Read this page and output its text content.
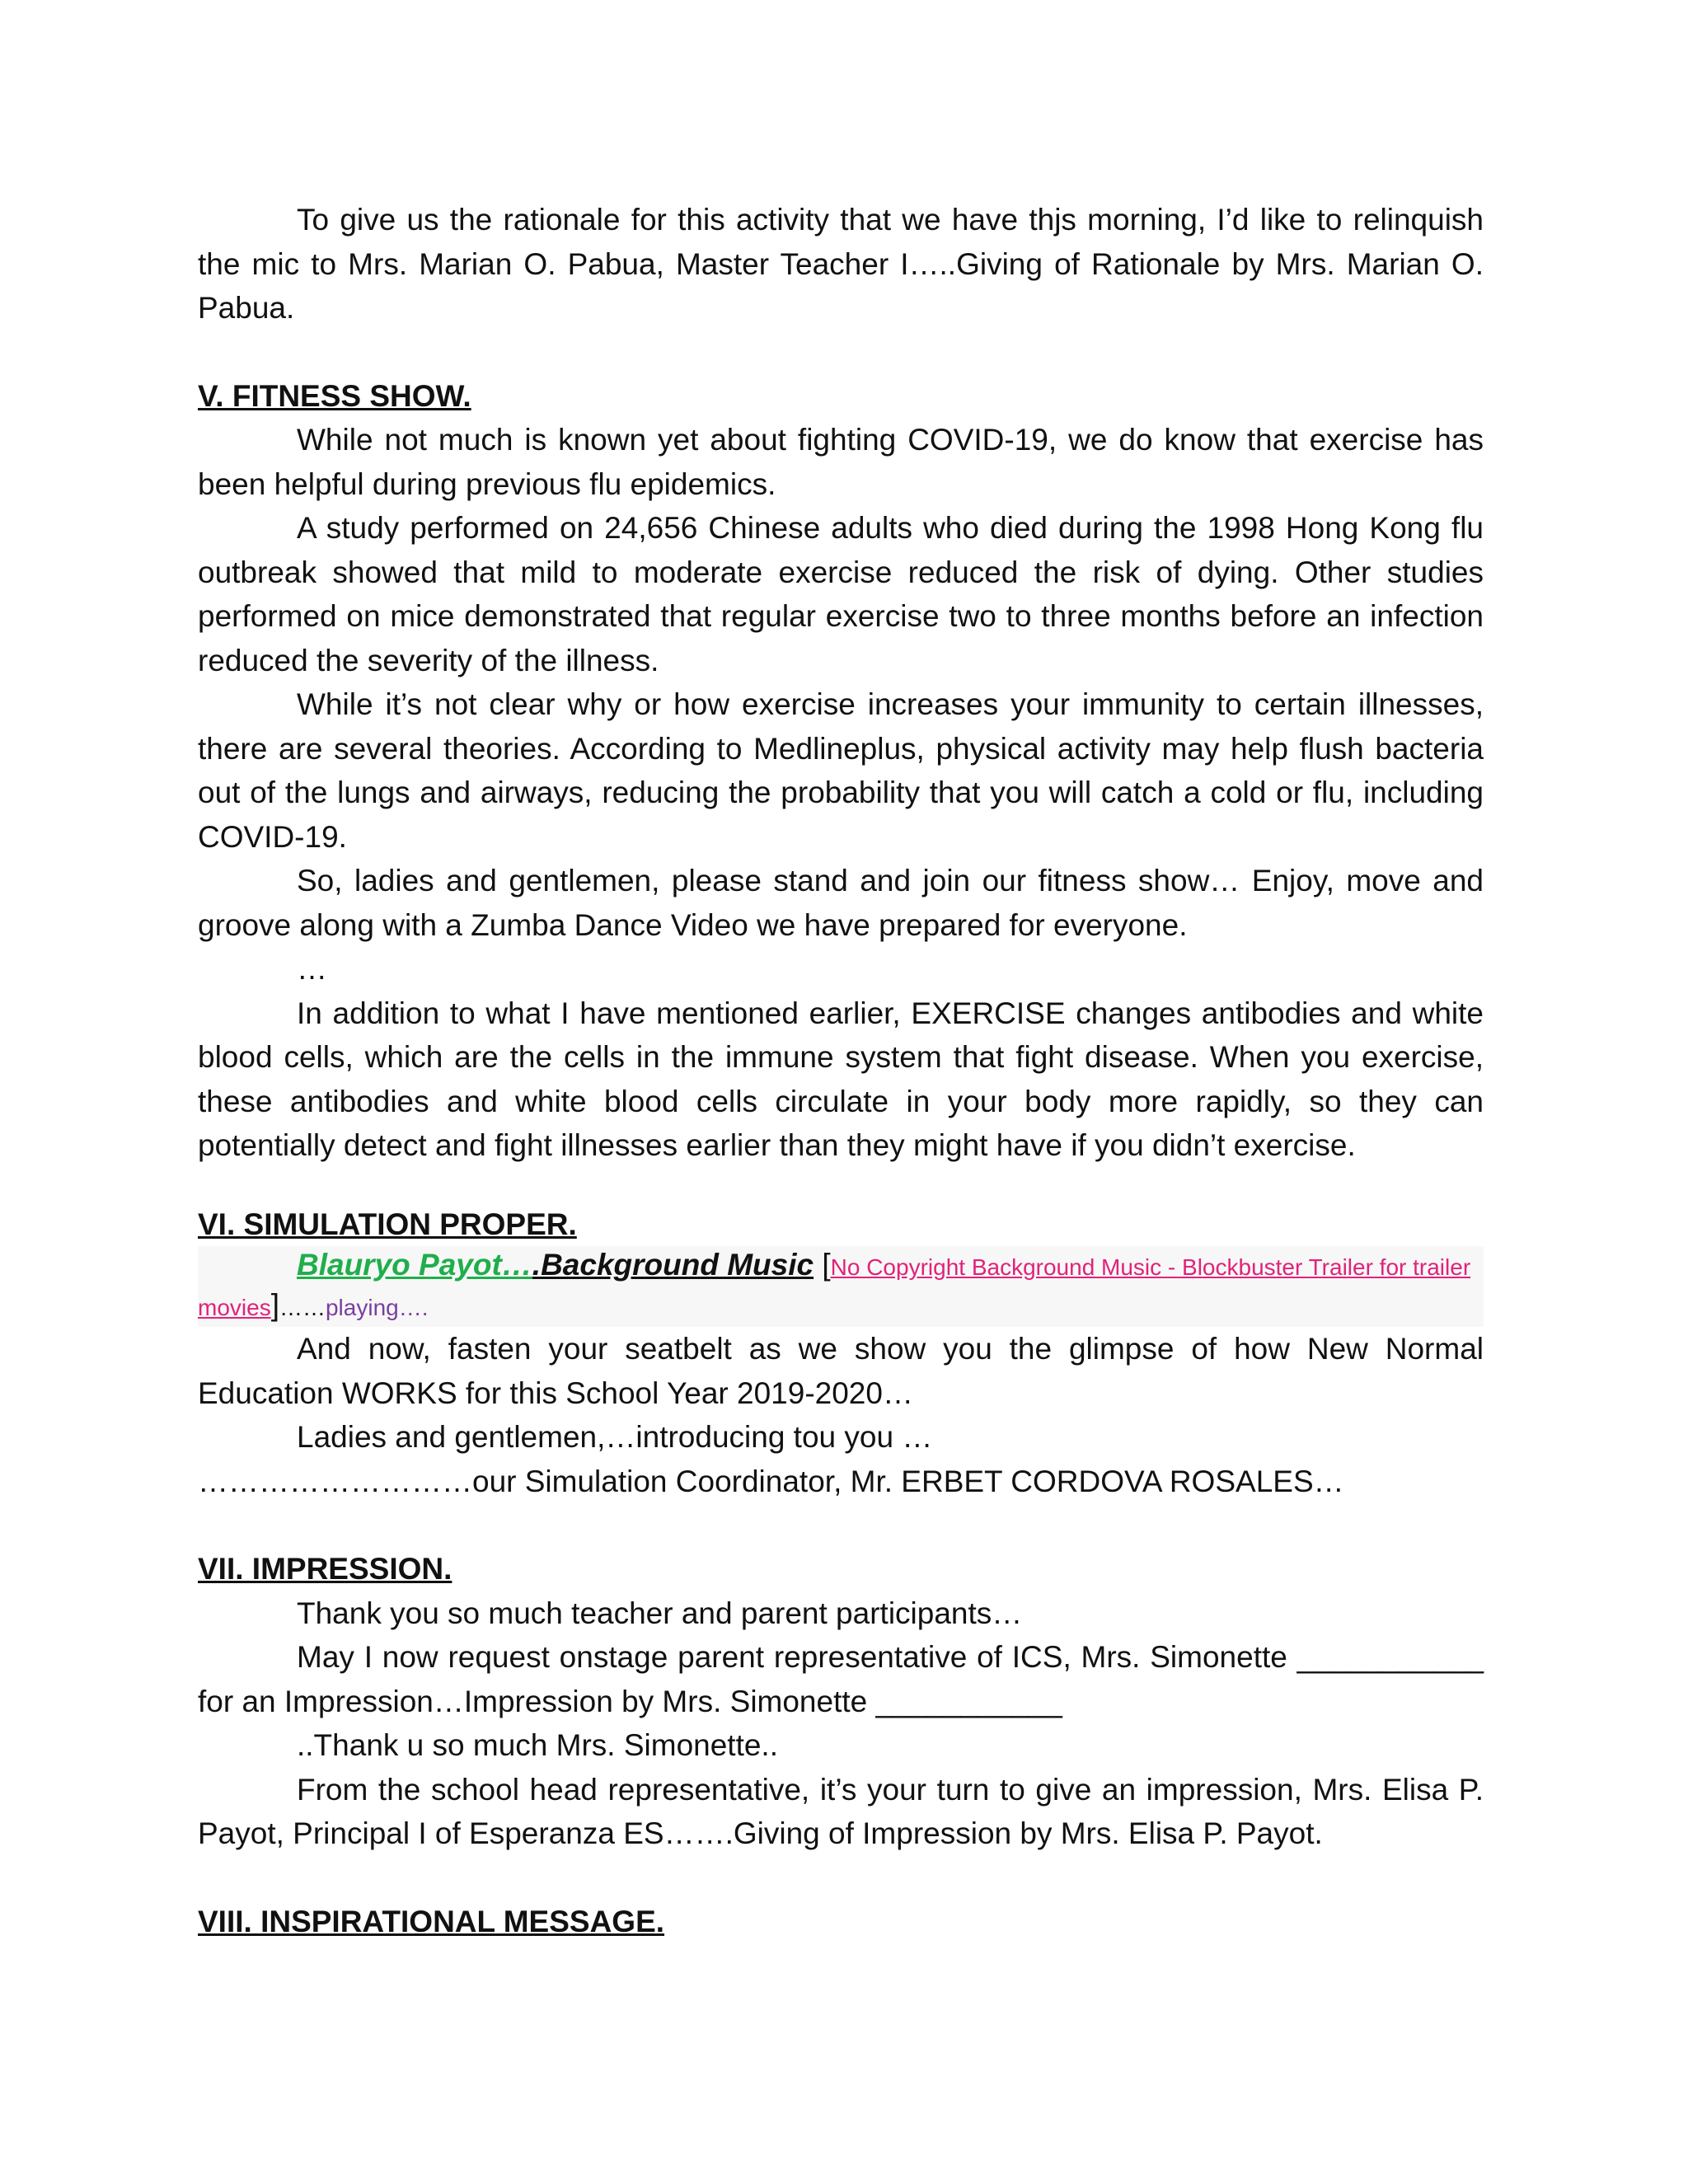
To give us the rationale for this activity that we have thjs morning, I’d like to relinquish the mic to Mrs. Marian O. Pabua, Master Teacher I…..Giving of Rationale by Mrs. Marian O. Pabua.

V. FITNESS SHOW.

While not much is known yet about fighting COVID-19, we do know that exercise has been helpful during previous flu epidemics.

A study performed on 24,656 Chinese adults who died during the 1998 Hong Kong flu outbreak showed that mild to moderate exercise reduced the risk of dying. Other studies performed on mice demonstrated that regular exercise two to three months before an infection reduced the severity of the illness.

While it’s not clear why or how exercise increases your immunity to certain illnesses, there are several theories. According to Medlineplus, physical activity may help flush bacteria out of the lungs and airways, reducing the probability that you will catch a cold or flu, including COVID-19.

So, ladies and gentlemen, please stand and join our fitness show… Enjoy, move and groove along with a Zumba Dance Video we have prepared for everyone.

…

In addition to what I have mentioned earlier, EXERCISE changes antibodies and white blood cells, which are the cells in the immune system that fight disease. When you exercise, these antibodies and white blood cells circulate in your body more rapidly, so they can potentially detect and fight illnesses earlier than they might have if you didn’t exercise.

VI. SIMULATION PROPER.

Blauryo Payot….Background Music [No Copyright Background Music - Blockbuster Trailer for trailer movies]……playing….

And now, fasten your seatbelt as we show you the glimpse of how New Normal Education WORKS for this School Year 2019-2020…

Ladies and gentlemen,…introducing tou you …

………………………our Simulation Coordinator, Mr. ERBET CORDOVA ROSALES…

VII. IMPRESSION.

Thank you so much teacher and parent participants…

May I now request onstage parent representative of ICS, Mrs. Simonette ___________ for an Impression…Impression by Mrs. Simonette ___________

..Thank u so much Mrs. Simonette..

From the school head representative, it’s your turn to give an impression, Mrs. Elisa P. Payot, Principal I of Esperanza ES…….Giving of Impression by Mrs. Elisa P. Payot.

VIII. INSPIRATIONAL MESSAGE.
